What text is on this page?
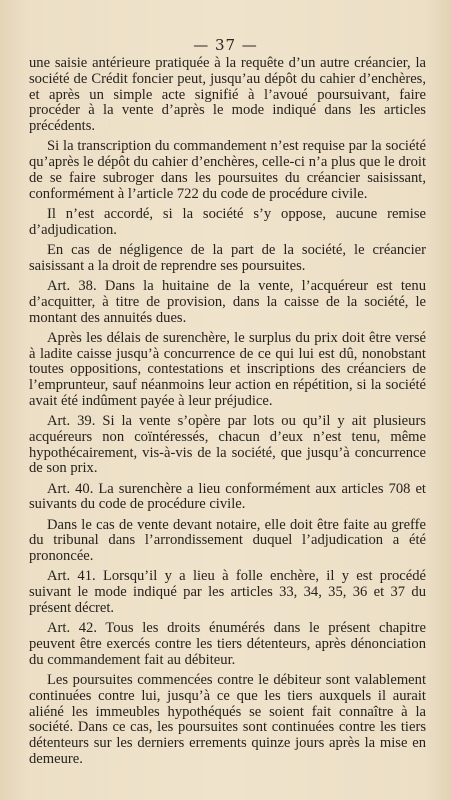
— 37 —

une saisie antérieure pratiquée à la requête d’un autre créancier, la société de Crédit foncier peut, jusqu’au dépôt du cahier d’enchères, et après un simple acte signifié à l’avoué poursuivant, faire procéder à la vente d’après le mode indiqué dans les articles précédents.

Si la transcription du commandement n’est requise par la société qu’après le dépôt du cahier d’enchères, celle-ci n’a plus que le droit de se faire subroger dans les poursuites du créancier saisissant, conformément à l’article 722 du code de procédure civile.

Il n’est accordé, si la société s’y oppose, aucune remise d’adjudication.

En cas de négligence de la part de la société, le créancier saisissant a la droit de reprendre ses poursuites.

Art. 38. Dans la huitaine de la vente, l’acquéreur est tenu d’acquitter, à titre de provision, dans la caisse de la société, le montant des annuités dues.

Après les délais de surenchère, le surplus du prix doit être versé à ladite caisse jusqu’à concurrence de ce qui lui est dû, nonobstant toutes oppositions, contestations et inscriptions des créanciers de l’emprunteur, sauf néanmoins leur action en répétition, si la société avait été indûment payée à leur préjudice.

Art. 39. Si la vente s’opère par lots ou qu’il y ait plusieurs acquéreurs non coïntéressés, chacun d’eux n’est tenu, même hypothécairement, vis-à-vis de la société, que jusqu’à concurrence de son prix.

Art. 40. La surenchère a lieu conformément aux articles 708 et suivants du code de procédure civile.

Dans le cas de vente devant notaire, elle doit être faite au greffe du tribunal dans l’arrondissement duquel l’adjudication a été prononcée.

Art. 41. Lorsqu’il y a lieu à folle enchère, il y est procédé suivant le mode indiqué par les articles 33, 34, 35, 36 et 37 du présent décret.

Art. 42. Tous les droits énumérés dans le présent chapitre peuvent être exercés contre les tiers détenteurs, après dénonciation du commandement fait au débiteur.

Les poursuites commencées contre le débiteur sont valablement continuées contre lui, jusqu’à ce que les tiers auxquels il aurait aliéné les immeubles hypothéqués se soient fait connaître à la société. Dans ce cas, les poursuites sont continuées contre les tiers détenteurs sur les derniers errements quinze jours après la mise en demeure.
